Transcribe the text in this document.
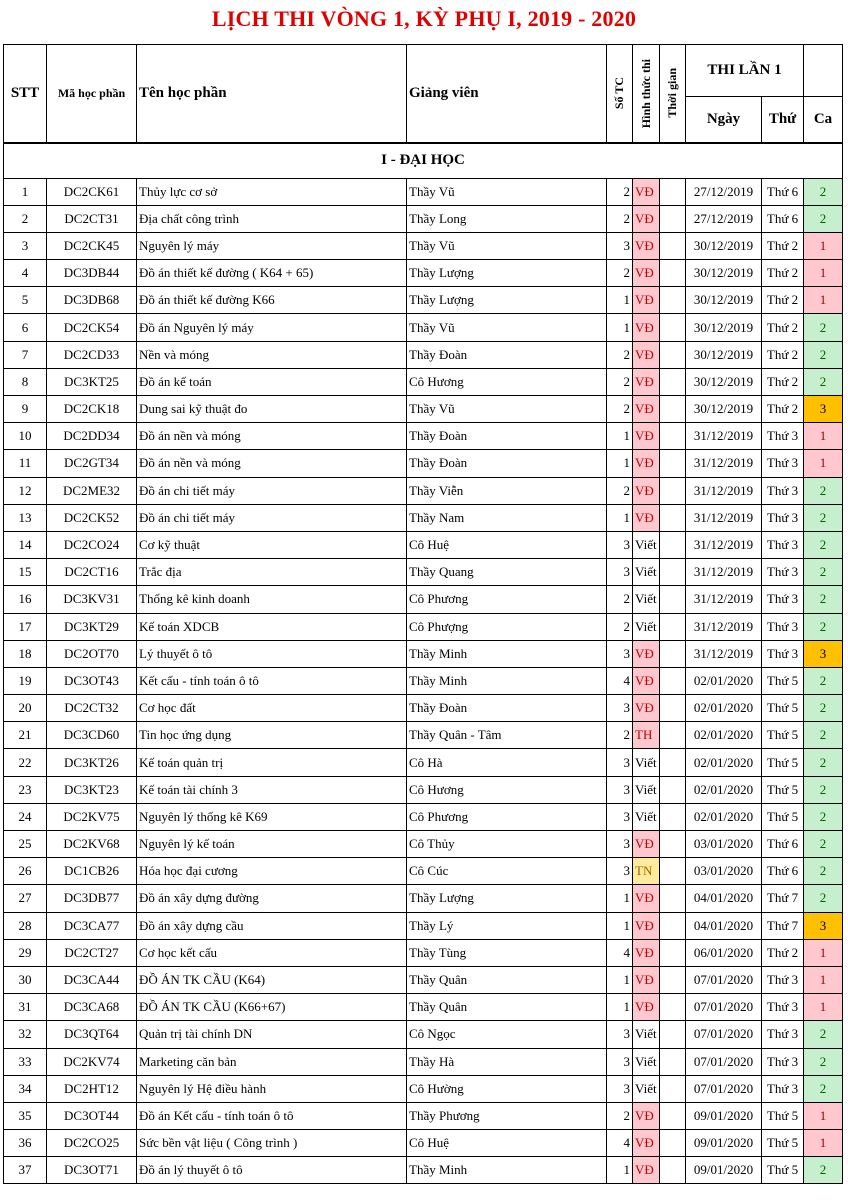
LỊCH THI VÒNG 1, KỲ PHỤ I, 2019 - 2020
STT	Mã học phần	Tên học phần	Giảng viên	Số TC	Hình thức thi	Thời gian	THI LẦN 1		
							Ngày	Thứ	Ca
I - ĐẠI HỌC									
1	DC2CK61	Thủy lực cơ sở	Thầy Vũ	2	VĐ		27/12/2019	Thứ 6	2
2	DC2CT31	Địa chất công trình	Thầy Long	2	VĐ		27/12/2019	Thứ 6	2
3	DC2CK45	Nguyên lý máy	Thầy Vũ	3	VĐ		30/12/2019	Thứ 2	1
4	DC3DB44	Đồ án thiết kế đường ( K64 + 65)	Thầy Lượng	2	VĐ		30/12/2019	Thứ 2	1
5	DC3DB68	Đồ án thiết kế đường K66	Thầy Lượng	1	VĐ		30/12/2019	Thứ 2	1
6	DC2CK54	Đồ án Nguyên lý máy	Thầy Vũ	1	VĐ		30/12/2019	Thứ 2	2
7	DC2CD33	Nền và móng	Thầy Đoàn	2	VĐ		30/12/2019	Thứ 2	2
8	DC3KT25	Đồ án kế toán	Cô Hương	2	VĐ		30/12/2019	Thứ 2	2
9	DC2CK18	Dung sai kỹ thuật đo	Thầy Vũ	2	VĐ		30/12/2019	Thứ 2	3
10	DC2DD34	Đồ án nền và móng	Thầy Đoàn	1	VĐ		31/12/2019	Thứ 3	1
11	DC2GT34	Đồ án nền và móng	Thầy Đoàn	1	VĐ		31/12/2019	Thứ 3	1
12	DC2ME32	Đồ án chi tiết máy	Thầy Viễn	2	VĐ		31/12/2019	Thứ 3	2
13	DC2CK52	Đồ án chi tiết máy	Thầy Nam	1	VĐ		31/12/2019	Thứ 3	2
14	DC2CO24	Cơ kỹ thuật	Cô Huệ	3	Viết		31/12/2019	Thứ 3	2
15	DC2CT16	Trắc địa	Thầy Quang	3	Viết		31/12/2019	Thứ 3	2
16	DC3KV31	Thống kê kinh doanh	Cô Phương	2	Viết		31/12/2019	Thứ 3	2
17	DC3KT29	Kế toán XDCB	Cô Phượng	2	Viết		31/12/2019	Thứ 3	2
18	DC2OT70	Lý thuyết ô tô	Thầy Minh	3	VĐ		31/12/2019	Thứ 3	3
19	DC3OT43	Kết cấu - tính toán ô tô	Thầy Minh	4	VĐ		02/01/2020	Thứ 5	2
20	DC2CT32	Cơ học đất	Thầy Đoàn	3	VĐ		02/01/2020	Thứ 5	2
21	DC3CD60	Tin học ứng dụng	Thầy Quân - Tâm	2	TH		02/01/2020	Thứ 5	2
22	DC3KT26	Kế toán quản trị	Cô Hà	3	Viết		02/01/2020	Thứ 5	2
23	DC3KT23	Kế toán tài chính 3	Cô Hương	3	Viết		02/01/2020	Thứ 5	2
24	DC2KV75	Nguyên lý thống kê K69	Cô Phương	3	Viết		02/01/2020	Thứ 5	2
25	DC2KV68	Nguyên lý kế toán	Cô Thủy	3	VĐ		03/01/2020	Thứ 6	2
26	DC1CB26	Hóa học đại cương	Cô Cúc	3	TN		03/01/2020	Thứ 6	2
27	DC3DB77	Đồ án xây dựng đường	Thầy Lượng	1	VĐ		04/01/2020	Thứ 7	2
28	DC3CA77	Đồ án xây dựng cầu	Thầy Lý	1	VĐ		04/01/2020	Thứ 7	3
29	DC2CT27	Cơ học kết cấu	Thầy Tùng	4	VĐ		06/01/2020	Thứ 2	1
30	DC3CA44	ĐỒ ÁN TK CẦU (K64)	Thầy Quân	1	VĐ		07/01/2020	Thứ 3	1
31	DC3CA68	ĐỒ ÁN TK CẦU (K66+67)	Thầy Quân	1	VĐ		07/01/2020	Thứ 3	1
32	DC3QT64	Quản trị tài chính DN	Cô Ngọc	3	Viết		07/01/2020	Thứ 3	2
33	DC2KV74	Marketing căn bản	Thầy Hà	3	Viết		07/01/2020	Thứ 3	2
34	DC2HT12	Nguyên lý Hệ điều hành	Cô Hường	3	Viết		07/01/2020	Thứ 3	2
35	DC3OT44	Đồ án Kết cấu - tính toán ô tô	Thầy Phương	2	VĐ		09/01/2020	Thứ 5	1
36	DC2CO25	Sức bền vật liệu ( Công trình )	Cô Huệ	4	VĐ		09/01/2020	Thứ 5	1
37	DC3OT71	Đồ án lý thuyết ô tô	Thầy Minh	1	VĐ		09/01/2020	Thứ 5	2
